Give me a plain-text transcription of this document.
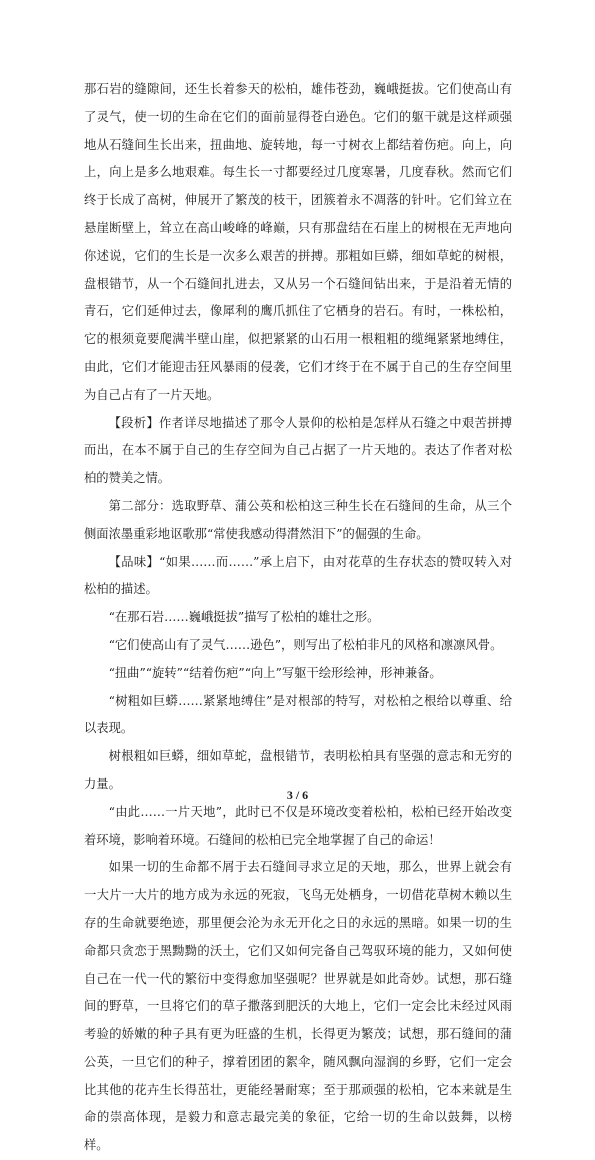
那石岩的缝隙间，还生长着参天的松柏，雄伟苍劲，巍峨挺拔。它们使高山有了灵气，使一切的生命在它们的面前显得苍白逊色。它们的躯干就是这样顽强地从石缝间生长出来，扭曲地、旋转地，每一寸树衣上都结着伤疤。向上，向上，向上是多么地艰难。每生长一寸都要经过几度寒暑，几度春秋。然而它们终于长成了高树，伸展开了繁茂的枝干，团簇着永不凋落的针叶。它们耸立在悬崖断壁上，耸立在高山峻峰的峰巅，只有那盘结在石崖上的树根在无声地向你述说，它们的生长是一次多么艰苦的拼搏。那粗如巨蟒，细如草蛇的树根，盘根错节，从一个石缝间扎进去，又从另一个石缝间钻出来，于是沿着无情的青石，它们延伸过去，像犀利的鹰爪抓住了它栖身的岩石。有时，一株松柏，它的根须竟要爬满半壁山崖，似把紧紧的山石用一根粗粗的缆绳紧紧地缚住，由此，它们才能迎击狂风暴雨的侵袭，它们才终于在不属于自己的生存空间里为自己占有了一片天地。

【段析】作者详尽地描述了那令人景仰的松柏是怎样从石缝之中艰苦拼搏而出，在本不属于自己的生存空间为自己占据了一片天地的。表达了作者对松柏的赞美之情。

第二部分：选取野草、蒲公英和松柏这三种生长在石缝间的生命，从三个侧面浓墨重彩地讴歌那“常使我感动得潸然泪下”的倔强的生命。

【品味】“如果……而……”承上启下，由对花草的生存状态的赞叹转入对松柏的描述。

“在那石岩……巍峨挺拔”描写了松柏的雄壮之形。

“它们使高山有了灵气……逊色”，则写出了松柏非凡的风格和凛凛风骨。

“扭曲”“旋转”“结着伤疤”“向上”写躯干绘形绘神，形神兼备。

“树粗如巨蟒……紧紧地缚住”是对根部的特写，对松柏之根给以尊重、给以表现。

树根粗如巨蟒，细如草蛇，盘根错节，表明松柏具有坚强的意志和无穷的力量。

“由此……一片天地”，此时已不仅是环境改变着松柏，松柏已经开始改变着环境，影响着环境。石缝间的松柏已完全地掌握了自己的命运！

如果一切的生命都不屑于去石缝间寻求立足的天地，那么，世界上就会有一大片一大片的地方成为永远的死寂，飞鸟无处栖身，一切借花草树木赖以生存的生命就要绝迹，那里便会沦为永无开化之日的永远的黑暗。如果一切的生命都只贪恋于黑黝黝的沃土，它们又如何完备自己驾驭环境的能力，又如何使自己在一代一代的繁衍中变得愈加坚强呢？世界就是如此奇妙。试想，那石缝间的野草，一旦将它们的草子撒落到肥沃的大地上，它们一定会比未经过风雨考验的娇嫩的种子具有更为旺盛的生机，长得更为繁茂；试想，那石缝间的蒲公英，一旦它们的种子，撑着团团的絮伞，随风飘向湿润的乡野，它们一定会比其他的花卉生长得茁壮，更能经暑耐寒；至于那顽强的松柏，它本来就是生命的崇高体现，是毅力和意志最完美的象征，它给一切的生命以鼓舞，以榜样。

3 / 6
